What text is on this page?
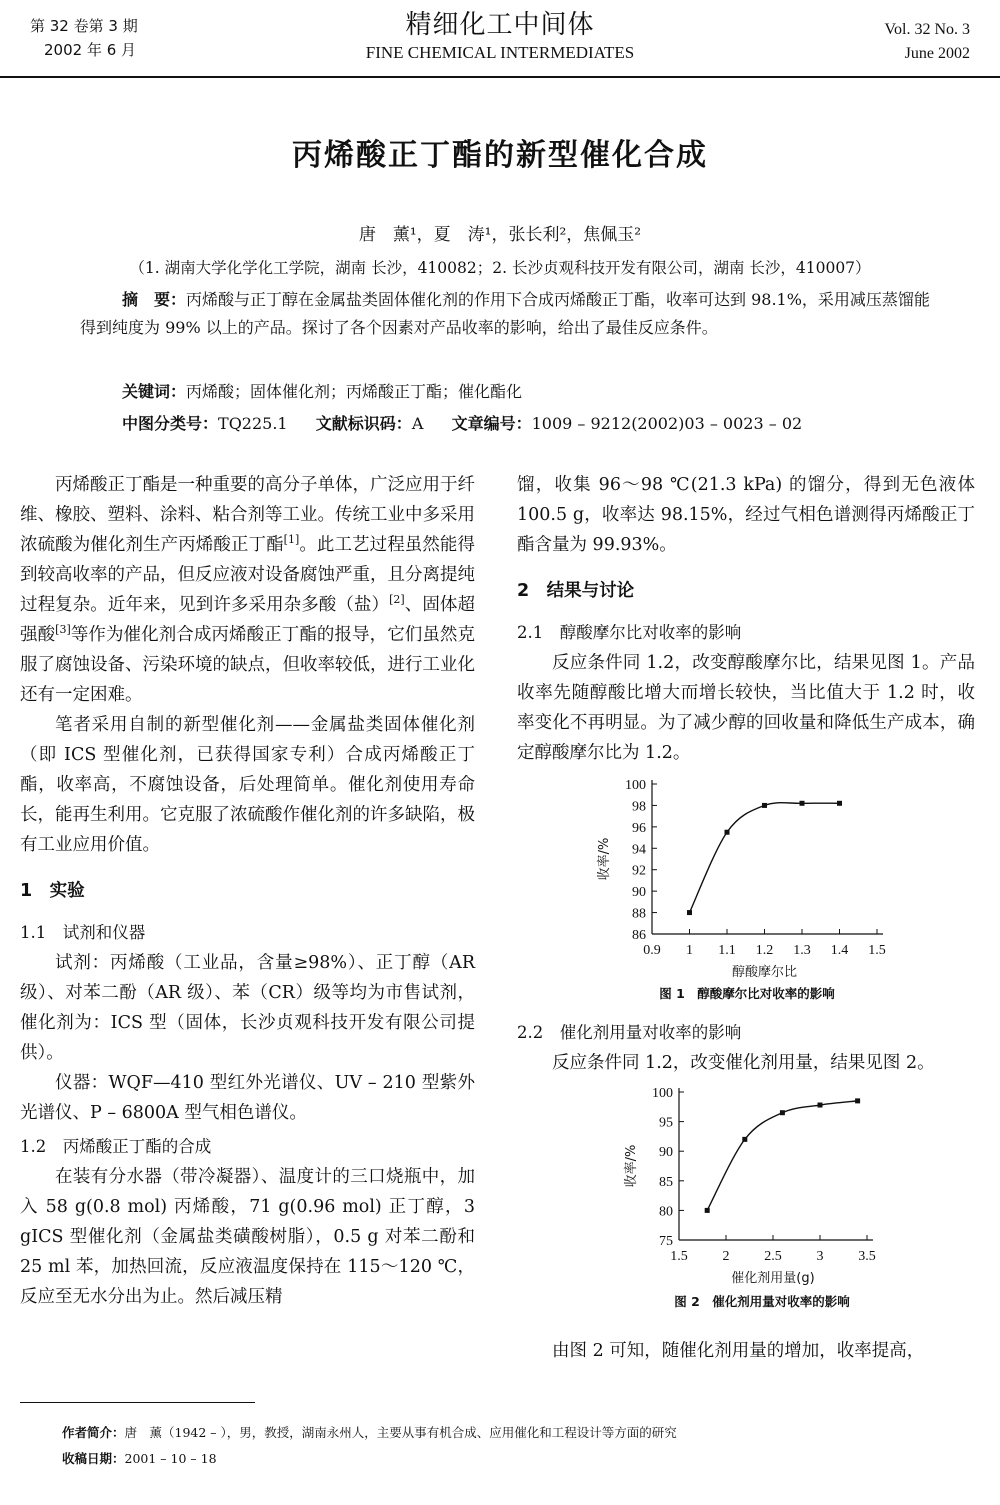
第 32 卷第 3 期
2002 年 6 月
精细化工中间体
FINE CHEMICAL INTERMEDIATES
Vol. 32 No. 3
June 2002
丙烯酸正丁酯的新型催化合成
唐　薰¹，夏　涛¹，张长利²，焦佩玉²
（1. 湖南大学化学化工学院，湖南 长沙，410082；2. 长沙贞观科技开发有限公司，湖南 长沙，410007）
摘　要：丙烯酸与正丁醇在金属盐类固体催化剂的作用下合成丙烯酸正丁酯，收率可达到 98.1%，采用减压蒸馏能得到纯度为 99% 以上的产品。探讨了各个因素对产品收率的影响，给出了最佳反应条件。
关键词：丙烯酸；固体催化剂；丙烯酸正丁酯；催化酯化
中图分类号：TQ225.1 文献标识码：A 文章编号：1009 – 9212(2002)03 – 0023 – 02

丙烯酸正丁酯是一种重要的高分子单体，广泛应用于纤维、橡胶、塑料、涂料、粘合剂等工业。传统工业中多采用浓硫酸为催化剂生产丙烯酸正丁酯[1]。此工艺过程虽然能得到较高收率的产品，但反应液对设备腐蚀严重，且分离提纯过程复杂。近年来，见到许多采用杂多酸（盐）[2]、固体超强酸[3]等作为催化剂合成丙烯酸正丁酯的报导，它们虽然克服了腐蚀设备、污染环境的缺点，但收率较低，进行工业化还有一定困难。

笔者采用自制的新型催化剂——金属盐类固体催化剂（即 ICS 型催化剂，已获得国家专利）合成丙烯酸正丁酯，收率高，不腐蚀设备，后处理简单。催化剂使用寿命长，能再生利用。它克服了浓硫酸作催化剂的许多缺陷，极有工业应用价值。

1　实验
1.1　试剂和仪器

试剂：丙烯酸（工业品，含量≥98%）、正丁醇（AR 级）、对苯二酚（AR 级）、苯（CR）级等均为市售试剂，催化剂为：ICS 型（固体，长沙贞观科技开发有限公司提供）。

仪器：WQF—410 型红外光谱仪、UV – 210 型紫外光谱仪、P – 6800A 型气相色谱仪。

1.2　丙烯酸正丁酯的合成

在装有分水器（带冷凝器）、温度计的三口烧瓶中，加入 58 g(0.8 mol) 丙烯酸，71 g(0.96 mol) 正丁醇，3 gICS 型催化剂（金属盐类磺酸树脂），0.5 g 对苯二酚和 25 ml 苯，加热回流，反应液温度保持在 115～120 ℃，反应至无水分出为止。然后减压精

馏，收集 96～98 ℃(21.3 kPa) 的馏分，得到无色液体 100.5 g，收率达 98.15%，经过气相色谱测得丙烯酸正丁酯含量为 99.93%。

2　结果与讨论
2.1　醇酸摩尔比对收率的影响

反应条件同 1.2，改变醇酸摩尔比，结果见图 1。产品收率先随醇酸比增大而增长较快，当比值大于 1.2 时，收率变化不再明显。为了减少醇的回收量和降低生产成本，确定醇酸摩尔比为 1.2。

86
88
90
92
94
96
98
100
0.9 1 1.1 1.2 1.3 1.4 1.5
醇酸摩尔比
收率/%
图 1　醇酸摩尔比对收率的影响
2.2　催化剂用量对收率的影响

反应条件同 1.2，改变催化剂用量，结果见图 2。

75
80
85
90
95
100
1.5 2 2.5 3 3.5
催化剂用量(g)
收率/%
图 2　催化剂用量对收率的影响

由图 2 可知，随催化剂用量的增加，收率提高，

作者简介：唐　薰（1942 – ），男，教授，湖南永州人，主要从事有机合成、应用催化和工程设计等方面的研究
收稿日期：2001 – 10 – 18
